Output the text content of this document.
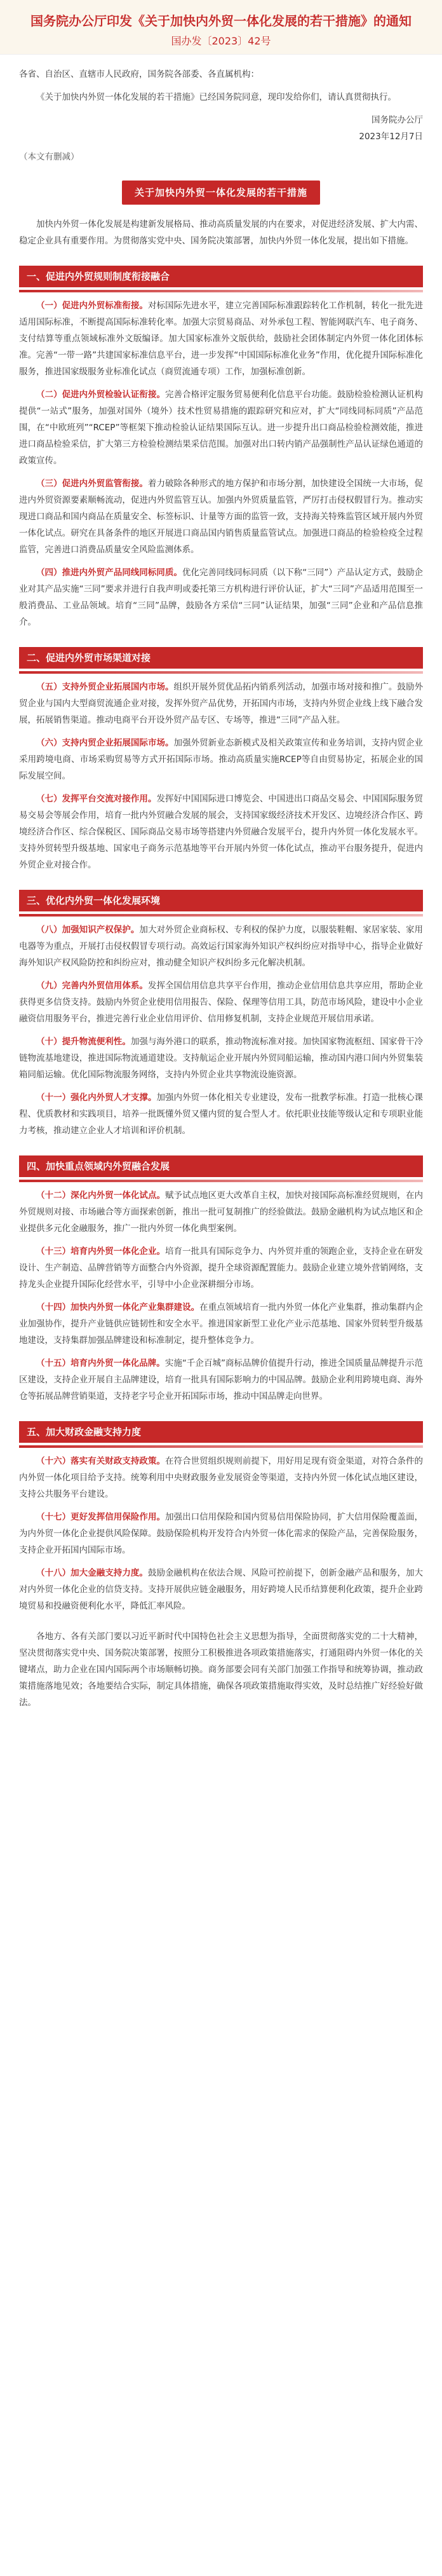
国务院办公厅印发《关于加快内外贸一体化发展的若干措施》的通知
国办发〔2023〕42号

各省、自治区、直辖市人民政府，国务院各部委、各直属机构：

《关于加快内外贸一体化发展的若干措施》已经国务院同意，现印发给你们，请认真贯彻执行。

国务院办公厅

2023年12月7日

（本文有删减）

关于加快内外贸一体化发展的若干措施

加快内外贸一体化发展是构建新发展格局、推动高质量发展的内在要求，对促进经济发展、扩大内需、稳定企业具有重要作用。为贯彻落实党中央、国务院决策部署，加快内外贸一体化发展，提出如下措施。

一、促进内外贸规则制度衔接融合

（一）促进内外贸标准衔接。对标国际先进水平，建立完善国际标准跟踪转化工作机制，转化一批先进适用国际标准，不断提高国际标准转化率。加强大宗贸易商品、对外承包工程、智能网联汽车、电子商务、支付结算等重点领域标准外文版编译。加大国家标准外文版供给，鼓励社会团体制定内外贸一体化团体标准。完善“一带一路”共建国家标准信息平台，进一步发挥“中国国际标准化业务”作用，优化提升国际标准化服务，推进国家级服务业标准化试点（商贸流通专项）工作，加强标准创新。

（二）促进内外贸检验认证衔接。完善合格评定服务贸易便利化信息平台功能。鼓励检验检测认证机构提供“一站式”服务，加强对国外（境外）技术性贸易措施的跟踪研究和应对，扩大“同线同标同质”产品范围，在“中欧班列”“RCEP”等框架下推动检验认证结果国际互认。进一步提升出口商品检验检测效能，推进进口商品检验采信，扩大第三方检验检测结果采信范围。加强对出口转内销产品强制性产品认证绿色通道的政策宣传。

（三）促进内外贸监管衔接。着力破除各种形式的地方保护和市场分割，加快建设全国统一大市场，促进内外贸资源要素顺畅流动，促进内外贸监管互认。加强内外贸质量监管，严厉打击侵权假冒行为。推动实现进口商品和国内商品在质量安全、标签标识、计量等方面的监管一致，支持海关特殊监管区域开展内外贸一体化试点。研究在具备条件的地区开展进口商品国内销售质量监管试点。加强进口商品的检验检疫全过程监管，完善进口消费品质量安全风险监测体系。

（四）推进内外贸产品同线同标同质。优化完善同线同标同质（以下称“三同”）产品认定方式，鼓励企业对其产品实施“三同”要求并进行自我声明或委托第三方机构进行评价认证，扩大“三同”产品适用范围至一般消费品、工业品领域。培育“三同”品牌，鼓励各方采信“三同”认证结果，加强“三同”企业和产品信息推介。

二、促进内外贸市场渠道对接

（五）支持外贸企业拓展国内市场。组织开展外贸优品拓内销系列活动，加强市场对接和推广。鼓励外贸企业与国内大型商贸流通企业对接，发挥外贸产品优势，开拓国内市场，支持内外贸企业线上线下融合发展，拓展销售渠道。推动电商平台开设外贸产品专区、专场等，推进“三同”产品入驻。

（六）支持内贸企业拓展国际市场。加强外贸新业态新模式及相关政策宣传和业务培训，支持内贸企业采用跨境电商、市场采购贸易等方式开拓国际市场。推动高质量实施RCEP等自由贸易协定，拓展企业的国际发展空间。

（七）发挥平台交流对接作用。发挥好中国国际进口博览会、中国进出口商品交易会、中国国际服务贸易交易会等展会作用，培育一批内外贸融合发展的展会，支持国家级经济技术开发区、边境经济合作区、跨境经济合作区、综合保税区、国际商品交易市场等搭建内外贸融合发展平台，提升内外贸一体化发展水平。支持外贸转型升级基地、国家电子商务示范基地等平台开展内外贸一体化试点，推动平台服务提升，促进内外贸企业对接合作。

三、优化内外贸一体化发展环境

（八）加强知识产权保护。加大对外贸企业商标权、专利权的保护力度，以服装鞋帽、家居家装、家用电器等为重点，开展打击侵权假冒专项行动。高效运行国家海外知识产权纠纷应对指导中心，指导企业做好海外知识产权风险防控和纠纷应对，推动健全知识产权纠纷多元化解决机制。

（九）完善内外贸信用体系。发挥全国信用信息共享平台作用，推动企业信用信息共享应用，帮助企业获得更多信贷支持。鼓励内外贸企业使用信用报告、保险、保理等信用工具，防范市场风险，建设中小企业融资信用服务平台，推进完善行业企业信用评价、信用修复机制，支持企业规范开展信用承诺。

（十）提升物流便利性。加强与海外港口的联系，推动物流标准对接。加快国家物流枢纽、国家骨干冷链物流基地建设，推进国际物流通道建设。支持航运企业开展内外贸同船运输，推动国内港口间内外贸集装箱同船运输。优化国际物流服务网络，支持内外贸企业共享物流设施资源。

（十一）强化内外贸人才支撑。加强内外贸一体化相关专业建设，发布一批教学标准。打造一批核心课程、优质教材和实践项目，培养一批既懂外贸又懂内贸的复合型人才。依托职业技能等级认定和专项职业能力考核，推动建立企业人才培训和评价机制。

四、加快重点领域内外贸融合发展

（十二）深化内外贸一体化试点。赋予试点地区更大改革自主权，加快对接国际高标准经贸规则，在内外贸规则对接、市场融合等方面探索创新，推出一批可复制推广的经验做法。鼓励金融机构为试点地区和企业提供多元化金融服务，推广一批内外贸一体化典型案例。

（十三）培育内外贸一体化企业。培育一批具有国际竞争力、内外贸并重的领跑企业，支持企业在研发设计、生产制造、品牌营销等方面整合内外资源，提升全球资源配置能力。鼓励企业建立境外营销网络，支持龙头企业提升国际化经营水平，引导中小企业深耕细分市场。

（十四）加快内外贸一体化产业集群建设。在重点领域培育一批内外贸一体化产业集群，推动集群内企业加强协作，提升产业链供应链韧性和安全水平。推进国家新型工业化产业示范基地、国家外贸转型升级基地建设，支持集群加强品牌建设和标准制定，提升整体竞争力。

（十五）培育内外贸一体化品牌。实施“千企百城”商标品牌价值提升行动，推进全国质量品牌提升示范区建设，支持企业开展自主品牌建设，培育一批具有国际影响力的中国品牌。鼓励企业利用跨境电商、海外仓等拓展品牌营销渠道，支持老字号企业开拓国际市场，推动中国品牌走向世界。

五、加大财政金融支持力度

（十六）落实有关财政支持政策。在符合世贸组织规则前提下，用好用足现有资金渠道，对符合条件的内外贸一体化项目给予支持。统筹利用中央财政服务业发展资金等渠道，支持内外贸一体化试点地区建设，支持公共服务平台建设。

（十七）更好发挥信用保险作用。加强出口信用保险和国内贸易信用保险协同，扩大信用保险覆盖面，为内外贸一体化企业提供风险保障。鼓励保险机构开发符合内外贸一体化需求的保险产品，完善保险服务，支持企业开拓国内国际市场。

（十八）加大金融支持力度。鼓励金融机构在依法合规、风险可控前提下，创新金融产品和服务，加大对内外贸一体化企业的信贷支持。支持开展供应链金融服务，用好跨境人民币结算便利化政策，提升企业跨境贸易和投融资便利化水平，降低汇率风险。

各地方、各有关部门要以习近平新时代中国特色社会主义思想为指导，全面贯彻落实党的二十大精神，坚决贯彻落实党中央、国务院决策部署，按照分工积极推进各项政策措施落实，打通阻碍内外贸一体化的关键堵点，助力企业在国内国际两个市场顺畅切换。商务部要会同有关部门加强工作指导和统筹协调，推动政策措施落地见效；各地要结合实际，制定具体措施，确保各项政策措施取得实效，及时总结推广好经验好做法。
